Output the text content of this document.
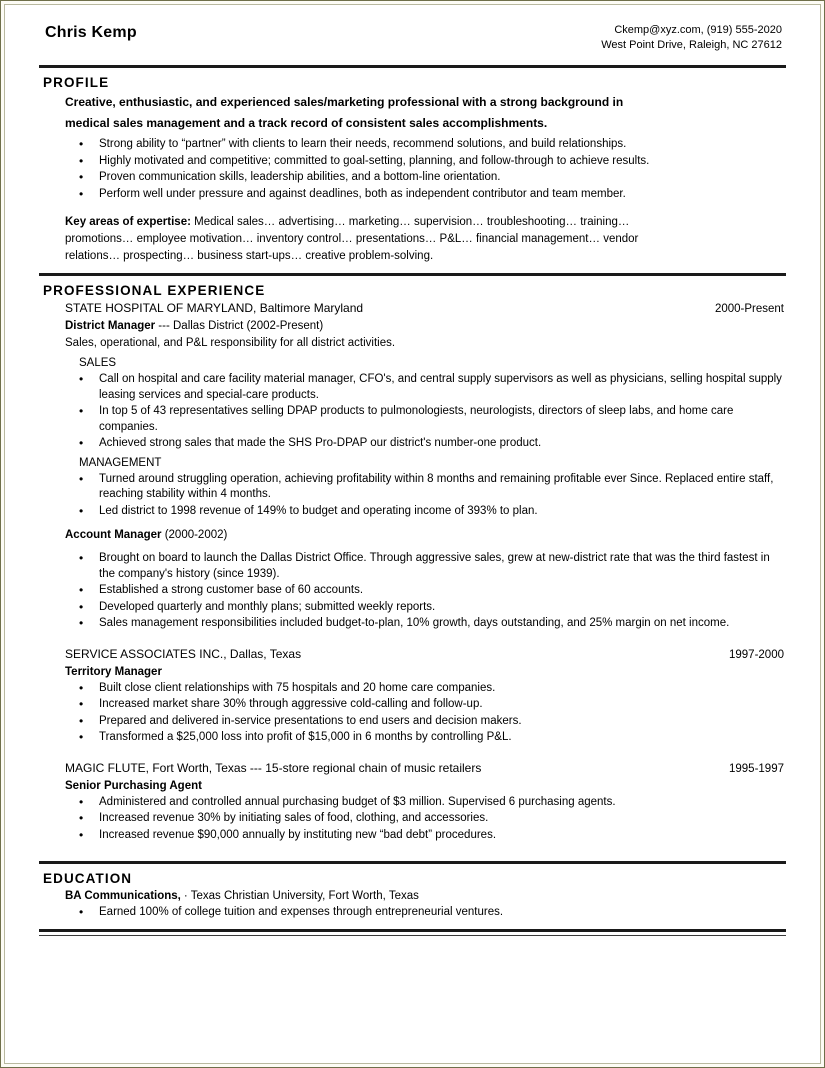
Chris Kemp	Ckemp@xyz.com, (919) 555-2020
West Point Drive, Raleigh, NC 27612
PROFILE
Creative, enthusiastic, and experienced sales/marketing professional with a strong background in medical sales management and a track record of consistent sales accomplishments.
• Strong ability to “partner” with clients to learn their needs, recommend solutions, and build relationships.
• Highly motivated and competitive; committed to goal-setting, planning, and follow-through to achieve results.
• Proven communication skills, leadership abilities, and a bottom-line orientation.
• Perform well under pressure and against deadlines, both as independent contributor and team member.
Key areas of expertise: Medical sales… advertising… marketing… supervision… troubleshooting… training… promotions… employee motivation… inventory control… presentations… P&L… financial management… vendor relations… prospecting… business start-ups… creative problem-solving.
PROFESSIONAL EXPERIENCE
STATE HOSPITAL OF MARYLAND, Baltimore Maryland	2000-Present
District Manager --- Dallas District (2002-Present)
Sales, operational, and P&L responsibility for all district activities.
SALES
• Call on hospital and care facility material manager, CFO's, and central supply supervisors as well as physicians, selling hospital supply leasing services and special-care products.
• In top 5 of 43 representatives selling DPAP products to pulmonologiests, neurologists, directors of sleep labs, and home care companies.
• Achieved strong sales that made the SHS Pro-DPAP our district's number-one product.
MANAGEMENT
• Turned around struggling operation, achieving profitability within 8 months and remaining profitable ever Since. Replaced entire staff, reaching stability within 4 months.
• Led district to 1998 revenue of 149% to budget and operating income of 393% to plan.
Account Manager (2000-2002)
• Brought on board to launch the Dallas District Office. Through aggressive sales, grew at new-district rate that was the third fastest in the company's history (since 1939).
• Established a strong customer base of 60 accounts.
• Developed quarterly and monthly plans; submitted weekly reports.
• Sales management responsibilities included budget-to-plan, 10% growth, days outstanding, and 25% margin on net income.
SERVICE ASSOCIATES INC., Dallas, Texas	1997-2000
Territory Manager
• Built close client relationships with 75 hospitals and 20 home care companies.
• Increased market share 30% through aggressive cold-calling and follow-up.
• Prepared and delivered in-service presentations to end users and decision makers.
• Transformed a $25,000 loss into profit of $15,000 in 6 months by controlling P&L.
MAGIC FLUTE, Fort Worth, Texas --- 15-store regional chain of music retailers	1995-1997
Senior Purchasing Agent
• Administered and controlled annual purchasing budget of $3 million. Supervised 6 purchasing agents.
• Increased revenue 30% by initiating sales of food, clothing, and accessories.
• Increased revenue $90,000 annually by instituting new “bad debt” procedures.
EDUCATION
BA Communications, · Texas Christian University, Fort Worth, Texas
• Earned 100% of college tuition and expenses through entrepreneurial ventures.
